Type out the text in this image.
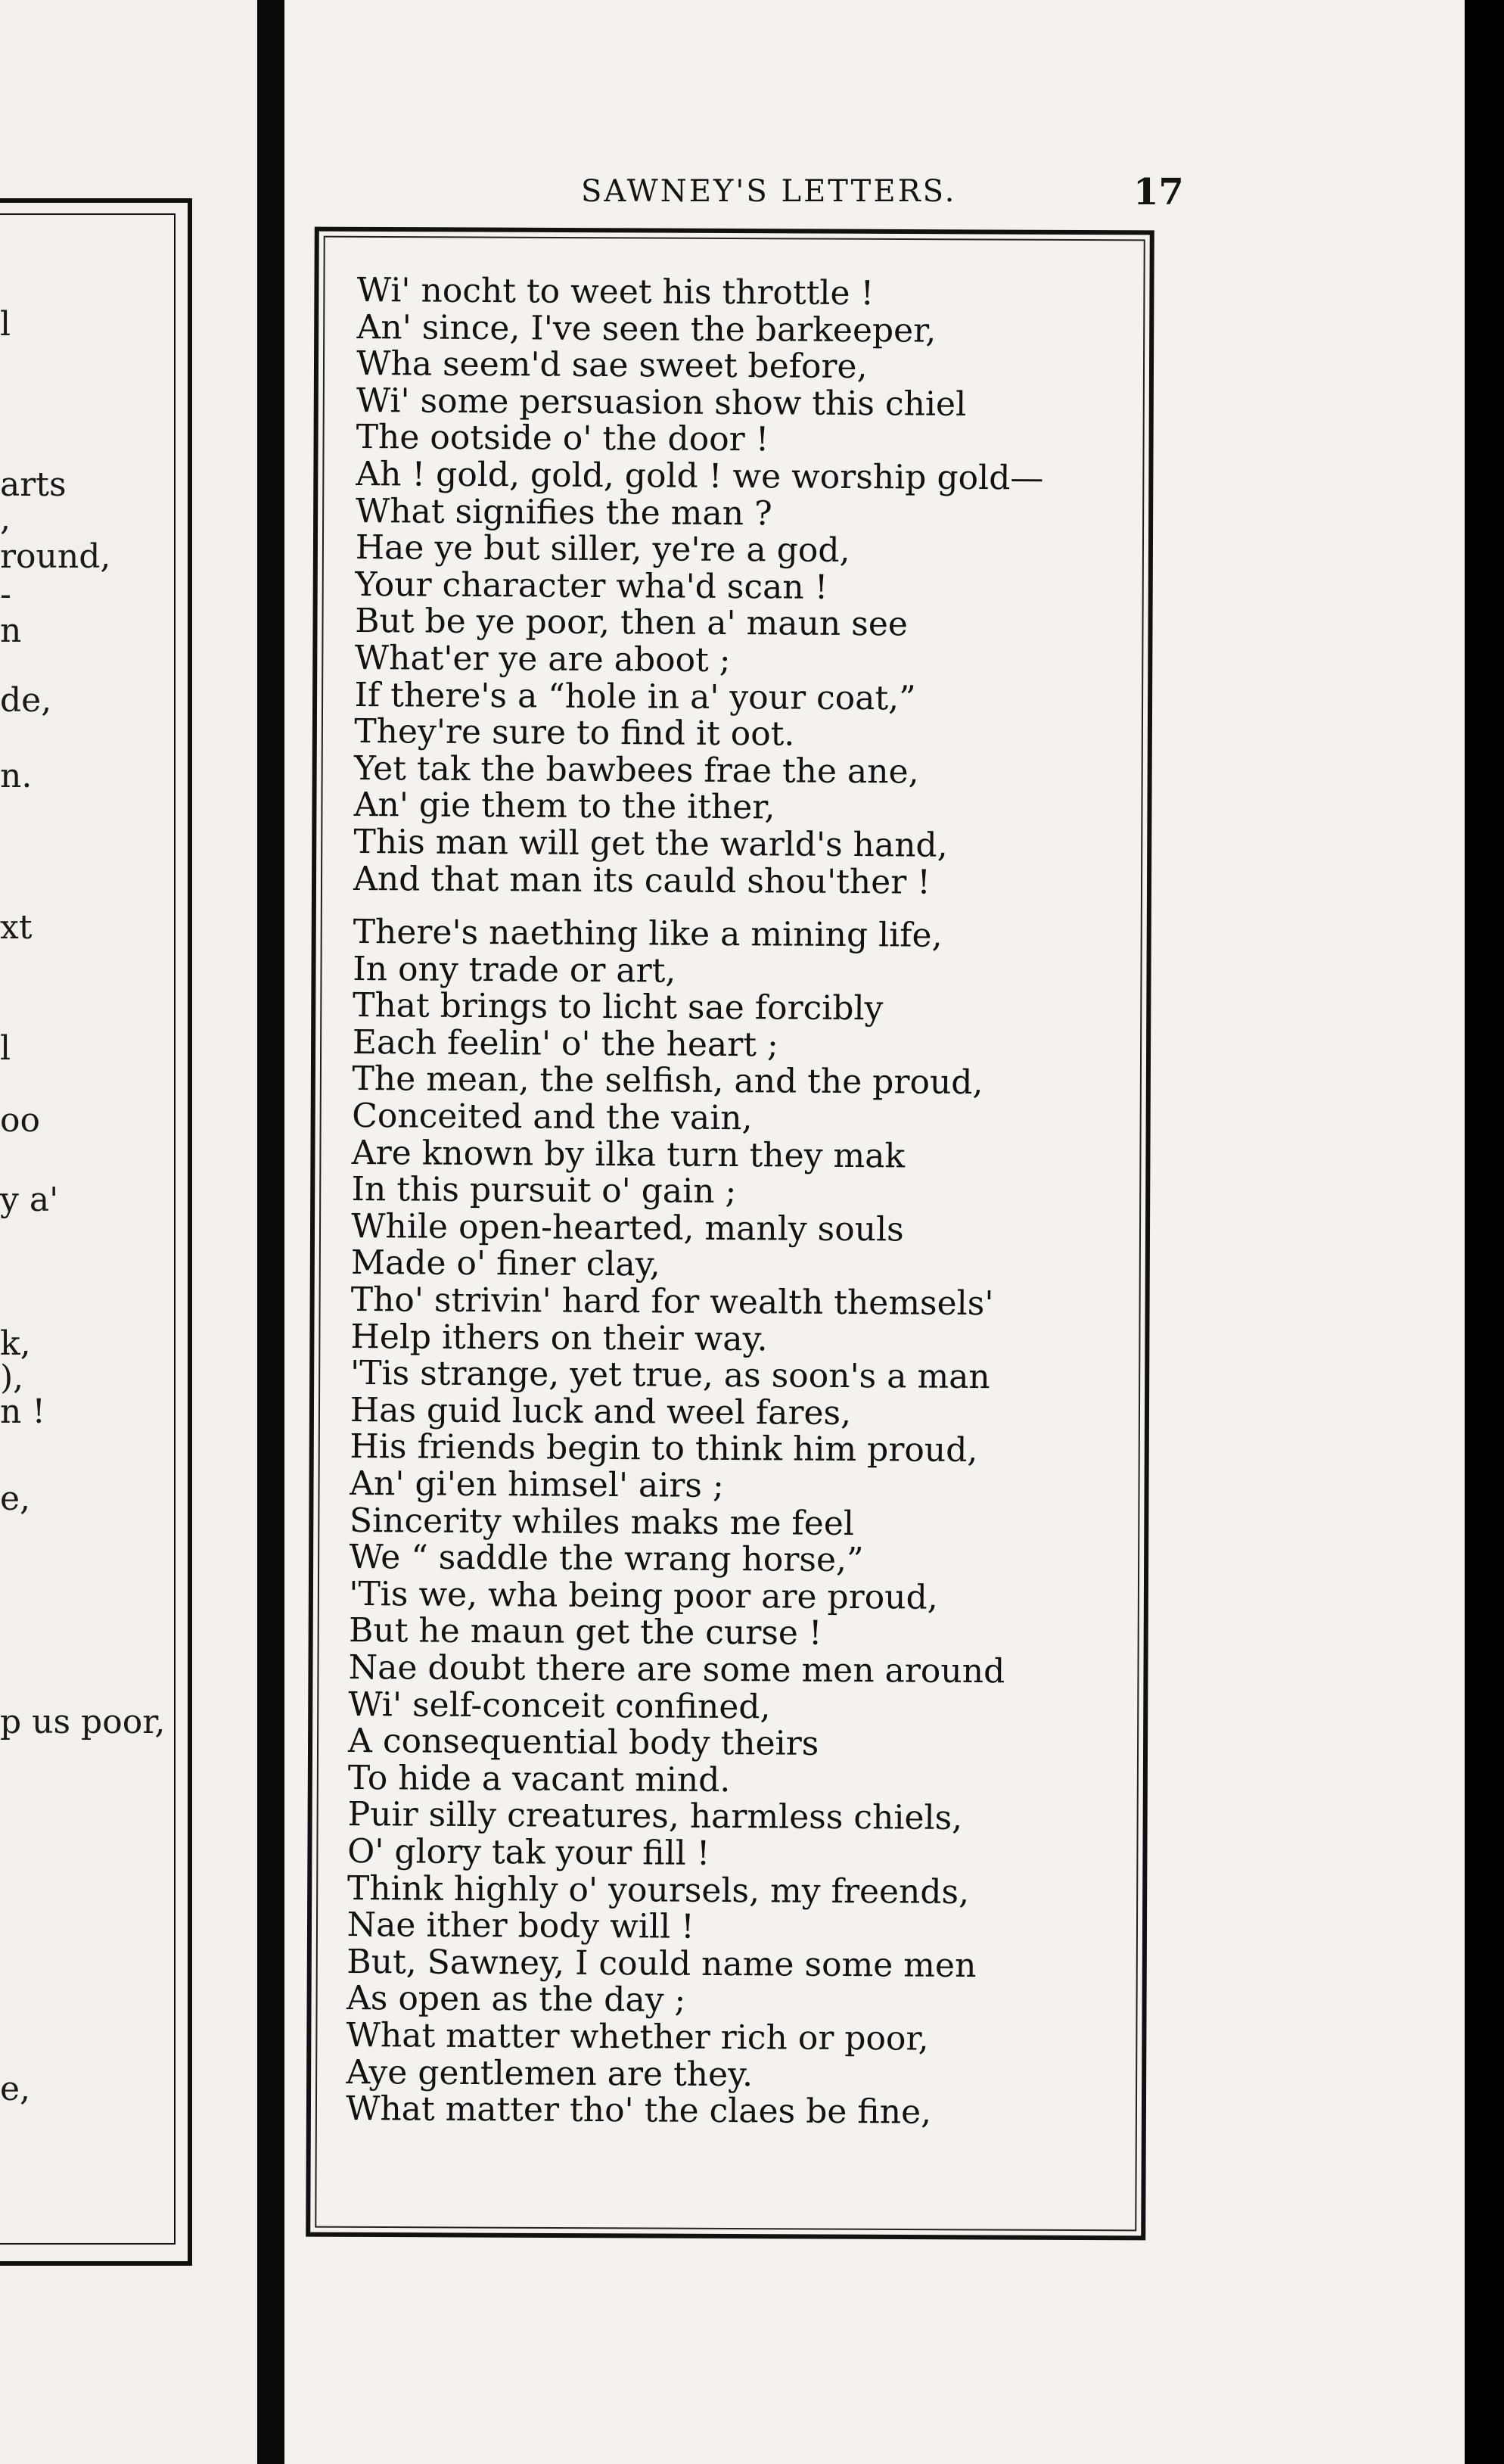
l
arts
,
round,
-
n
de,
n.
xt
l
oo
y a'
k,
),
n !
e,
p us poor,
e,
SAWNEY'S LETTERS.	17
Wi' nocht to weet his throttle !
An' since, I've seen the barkeeper,
Wha seem'd sae sweet before,
Wi' some persuasion show this chiel
The ootside o' the door !
Ah ! gold, gold, gold ! we worship gold—
What signifies the man ?
Hae ye but siller, ye're a god,
Your character wha'd scan !
But be ye poor, then a' maun see
What'er ye are aboot ;
If there's a “hole in a' your coat,”
They're sure to find it oot.
Yet tak the bawbees frae the ane,
An' gie them to the ither,
This man will get the warld's hand,
And that man its cauld shou'ther !
There's naething like a mining life,
In ony trade or art,
That brings to licht sae forcibly
Each feelin' o' the heart ;
The mean, the selfish, and the proud,
Conceited and the vain,
Are known by ilka turn they mak
In this pursuit o' gain ;
While open-hearted, manly souls
Made o' finer clay,
Tho' strivin' hard for wealth themsels'
Help ithers on their way.
'Tis strange, yet true, as soon's a man
Has guid luck and weel fares,
His friends begin to think him proud,
An' gi'en himsel' airs ;
Sincerity whiles maks me feel
We “ saddle the wrang horse,”
'Tis we, wha being poor are proud,
But he maun get the curse !
Nae doubt there are some men around
Wi' self-conceit confined,
A consequential body theirs
To hide a vacant mind.
Puir silly creatures, harmless chiels,
O' glory tak your fill !
Think highly o' yoursels, my freends,
Nae ither body will !
But, Sawney, I could name some men
As open as the day ;
What matter whether rich or poor,
Aye gentlemen are they.
What matter tho' the claes be fine,
